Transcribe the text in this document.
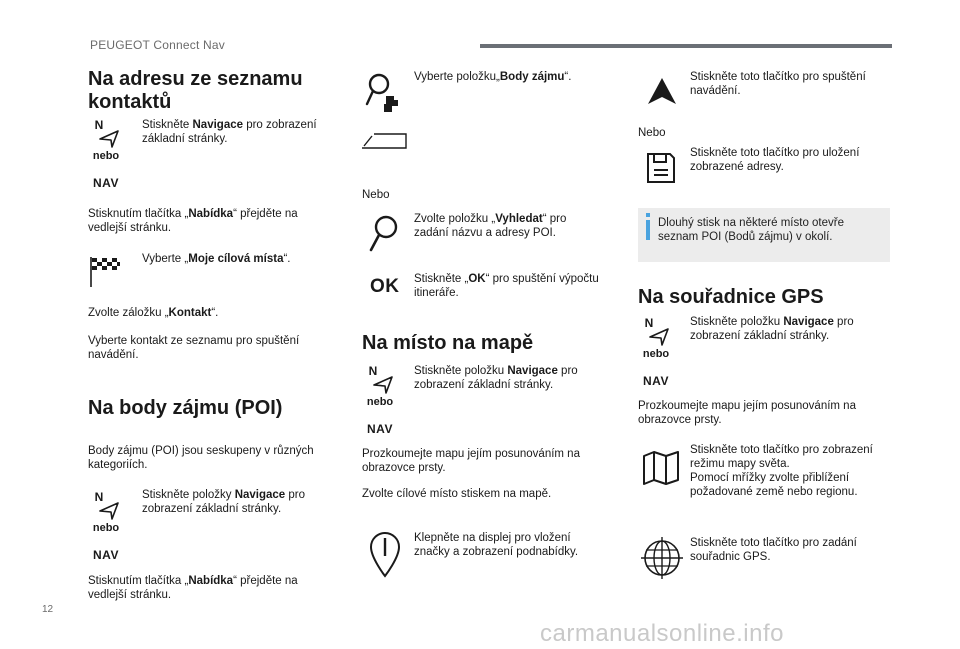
PEUGEOT Connect Nav
Na adresu ze seznamu kontaktů
N
nebo
NAV

Stiskněte Navigace pro zobrazení základní stránky.

Stisknutím tlačítka „Nabídka“ přejděte na vedlejší stránku.

Vyberte „Moje cílová místa“.

Zvolte záložku „Kontakt“.

Vyberte kontakt ze seznamu pro spuštění navádění.

Na body zájmu (POI)

Body zájmu (POI) jsou seskupeny v různých kategoriích.

N
nebo
NAV

Stiskněte položky Navigace pro zobrazení základní stránky.

Stisknutím tlačítka „Nabídka“ přejděte na vedlejší stránku.

Vyberte položku„Body zájmu“.

Nebo

Zvolte položku „Vyhledat“ pro zadání názvu a adresy POI.

OK Stiskněte „OK“ pro spuštění výpočtu itineráře.

Na místo na mapě
N
nebo
NAV

Stiskněte položku Navigace pro zobrazení základní stránky.

Prozkoumejte mapu jejím posunováním na obrazovce prsty.

Zvolte cílové místo stiskem na mapě.

Klepněte na displej pro vložení značky a zobrazení podnabídky.

Stiskněte toto tlačítko pro spuštění navádění.

Nebo

Stiskněte toto tlačítko pro uložení zobrazené adresy.

Dlouhý stisk na některé místo otevře seznam POI (Bodů zájmu) v okolí.
Na souřadnice GPS
N
nebo
NAV

Stiskněte položku Navigace pro zobrazení základní stránky.

Prozkoumejte mapu jejím posunováním na obrazovce prsty.

Stiskněte toto tlačítko pro zobrazení režimu mapy světa.

Pomocí mřížky zvolte přiblížení požadované země nebo regionu.

Stiskněte toto tlačítko pro zadání souřadnic GPS.

12
carmanualsonline.info
